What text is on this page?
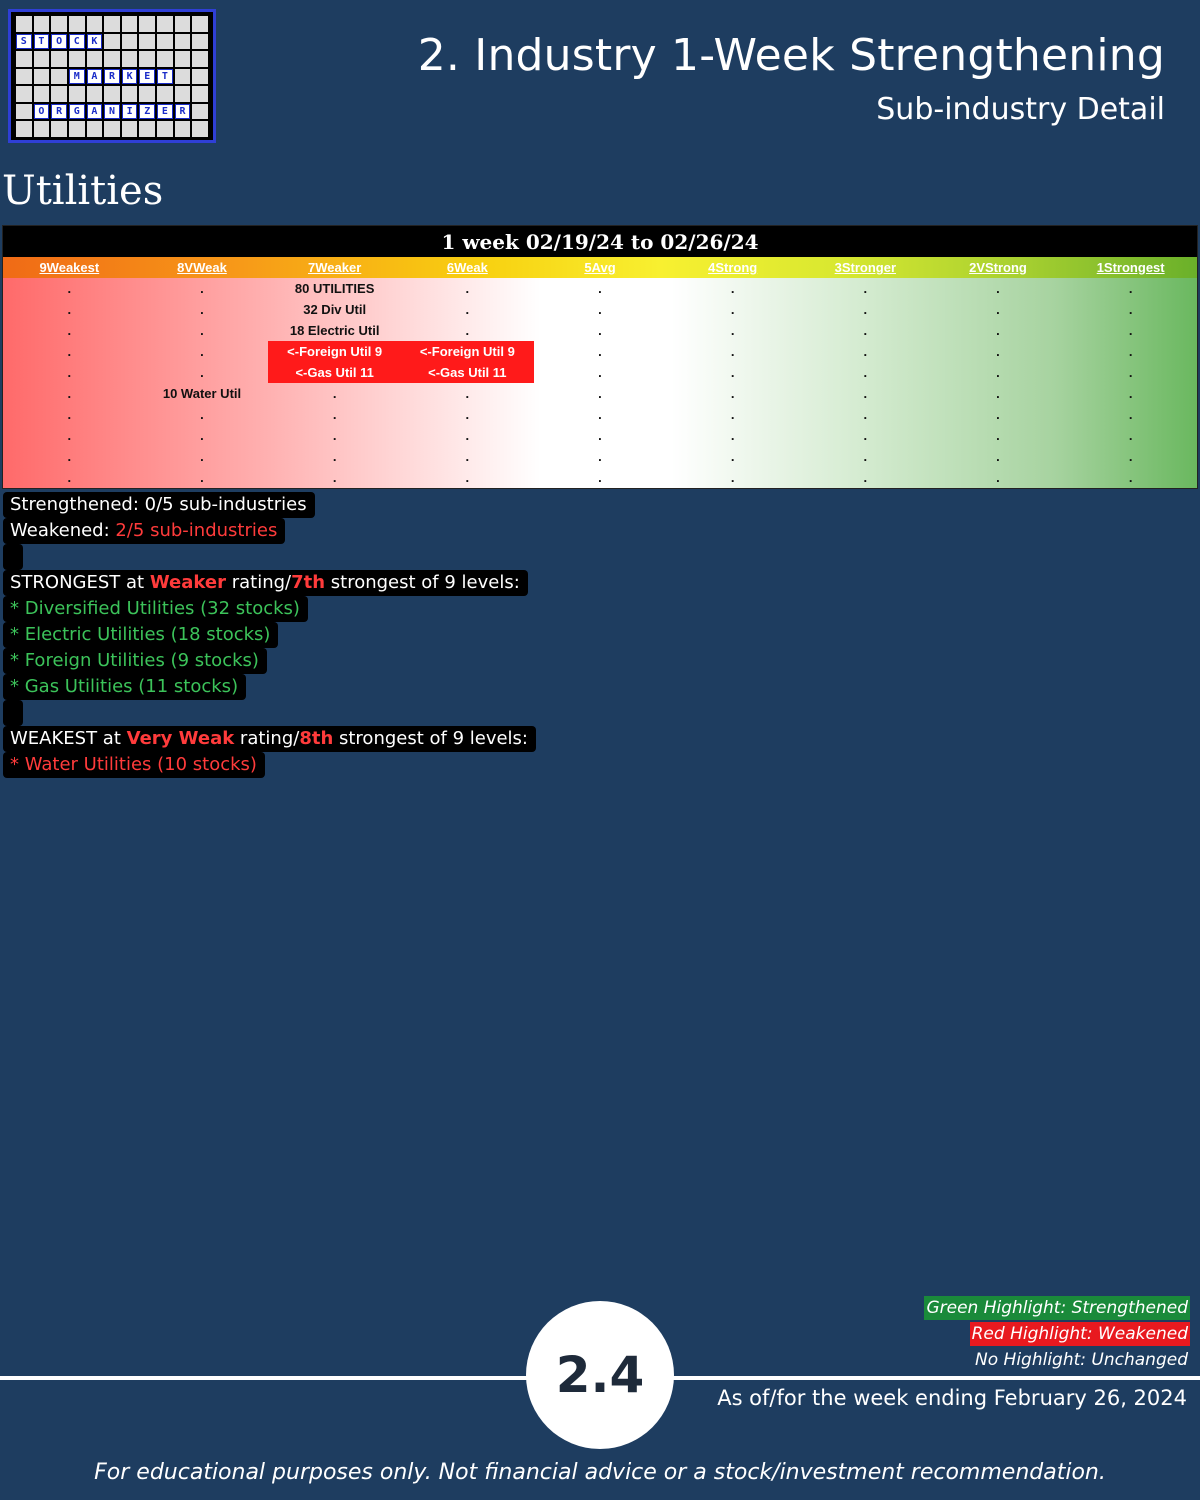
S	T	O	C	K
M	A	R	K	E	T
O	R	G	A	N	I	Z	E	R
2. Industry 1-Week Strengthening
Sub-industry Detail
Utilities
1 week 02/19/24 to 02/26/24
9Weakest	8VWeak	7Weaker	6Weak	5Avg	4Strong	3Stronger	2VStrong	1Strongest
.	.	80 UTILITIES	.	.	.	.	.	.
.	.	32 Div Util	.	.	.	.	.	.
.	.	18 Electric Util	.	.	.	.	.	.
.	.	<-Foreign Util 9	<-Foreign Util 9	.	.	.	.	.
.	.	<-Gas Util 11	<-Gas Util 11	.	.	.	.	.
.	10 Water Util	.	.	.	.	.	.	.
.	.	.	.	.	.	.	.	.
.	.	.	.	.	.	.	.	.
.	.	.	.	.	.	.	.	.
.	.	.	.	.	.	.	.	.
Strengthened: 0/5 sub-industries
Weakened: 2/5 sub-industries
STRONGEST at Weaker rating/7th strongest of 9 levels:
* Diversified Utilities (32 stocks)
* Electric Utilities (18 stocks)
* Foreign Utilities (9 stocks)
* Gas Utilities (11 stocks)
WEAKEST at Very Weak rating/8th strongest of 9 levels:
* Water Utilities (10 stocks)
Green Highlight: Strengthened
Red Highlight: Weakened
No Highlight: Unchanged
2.4	As of/for the week ending February 26, 2024
For educational purposes only. Not financial advice or a stock/investment recommendation.
